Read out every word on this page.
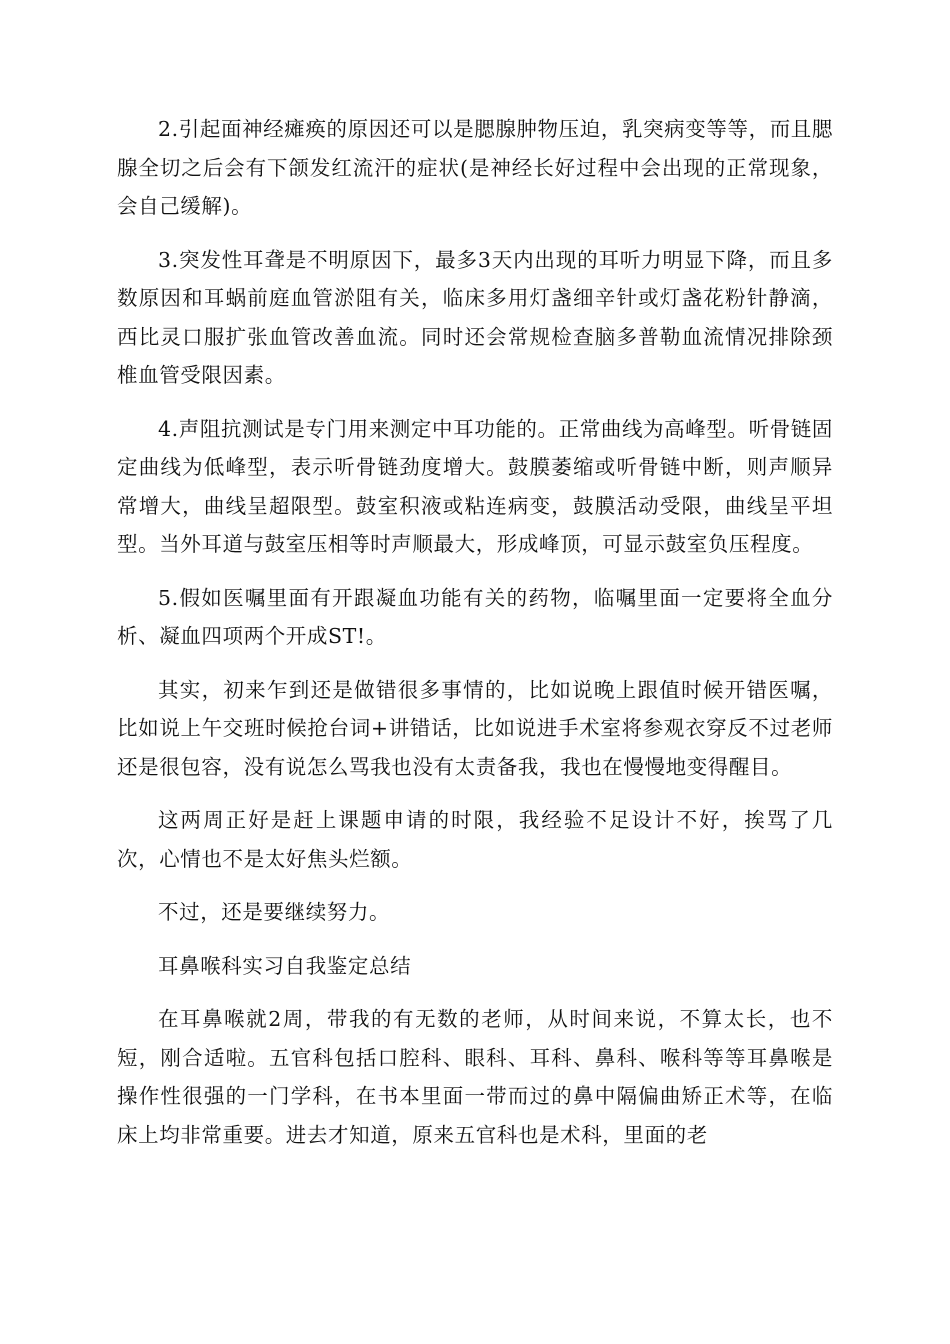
2.引起面神经瘫痪的原因还可以是腮腺肿物压迫，乳突病变等等，而且腮腺全切之后会有下颌发红流汗的症状(是神经长好过程中会出现的正常现象，会自己缓解)。

3.突发性耳聋是不明原因下，最多3天内出现的耳听力明显下降，而且多数原因和耳蜗前庭血管淤阻有关，临床多用灯盏细辛针或灯盏花粉针静滴，西比灵口服扩张血管改善血流。同时还会常规检查脑多普勒血流情况排除颈椎血管受限因素。

4.声阻抗测试是专门用来测定中耳功能的。正常曲线为高峰型。听骨链固定曲线为低峰型，表示听骨链劲度增大。鼓膜萎缩或听骨链中断，则声顺异常增大，曲线呈超限型。鼓室积液或粘连病变，鼓膜活动受限，曲线呈平坦型。当外耳道与鼓室压相等时声顺最大，形成峰顶，可显示鼓室负压程度。

5.假如医嘱里面有开跟凝血功能有关的药物，临嘱里面一定要将全血分析、凝血四项两个开成ST!。

其实，初来乍到还是做错很多事情的，比如说晚上跟值时候开错医嘱，比如说上午交班时候抢台词+讲错话，比如说进手术室将参观衣穿反不过老师还是很包容，没有说怎么骂我也没有太责备我，我也在慢慢地变得醒目。

这两周正好是赶上课题申请的时限，我经验不足设计不好，挨骂了几次，心情也不是太好焦头烂额。

不过，还是要继续努力。

耳鼻喉科实习自我鉴定总结

在耳鼻喉就2周，带我的有无数的老师，从时间来说，不算太长，也不短，刚合适啦。五官科包括口腔科、眼科、耳科、鼻科、喉科等等耳鼻喉是操作性很强的一门学科，在书本里面一带而过的鼻中隔偏曲矫正术等，在临床上均非常重要。进去才知道，原来五官科也是术科，里面的老
